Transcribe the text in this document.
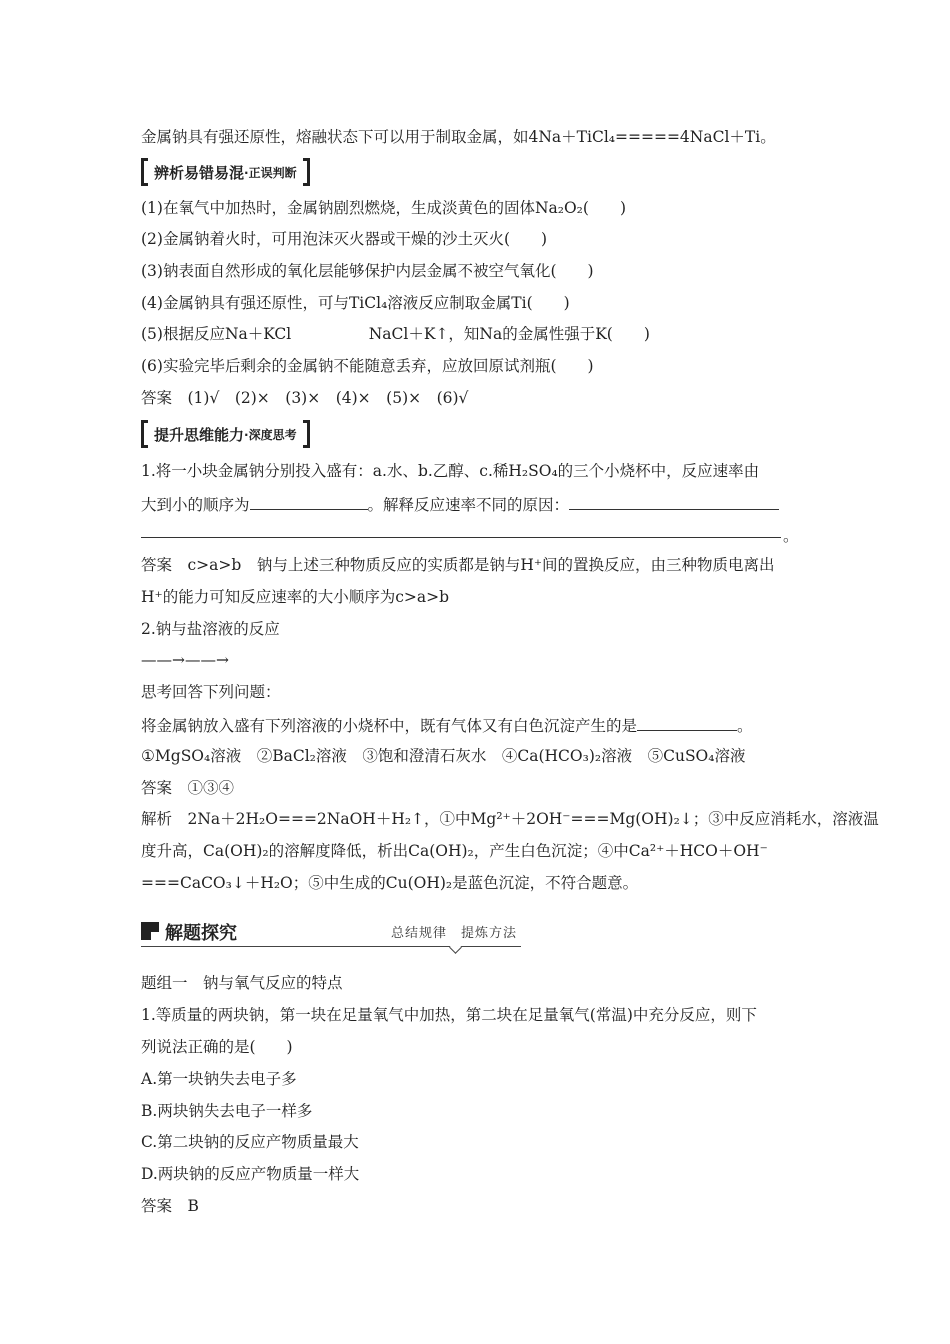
金属钠具有强还原性，熔融状态下可以用于制取金属，如4Na＋TiCl₄=====4NaCl＋Ti。
辨析易错易混 ·正误判断
(1)在氧气中加热时，金属钠剧烈燃烧，生成淡黄色的固体Na₂O₂(　　)
(2)金属钠着火时，可用泡沫灭火器或干燥的沙土灭火(　　)
(3)钠表面自然形成的氧化层能够保护内层金属不被空气氧化(　　)
(4)金属钠具有强还原性，可与TiCl₄溶液反应制取金属Ti(　　)
(5)根据反应Na＋KCl　　　　　NaCl＋K↑，知Na的金属性强于K(　　)
(6)实验完毕后剩余的金属钠不能随意丢弃，应放回原试剂瓶(　　)
答案　(1)√　(2)×　(3)×　(4)×　(5)×　(6)√
提升思维能力 ·深度思考
1.将一小块金属钠分别投入盛有：a.水、b.乙醇、c.稀H₂SO₄的三个小烧杯中，反应速率由
大到小的顺序为	。解释反应速率不同的原因：
。
答案　c>a>b　钠与上述三种物质反应的实质都是钠与H⁺间的置换反应，由三种物质电离出
H⁺的能力可知反应速率的大小顺序为c>a>b
2.钠与盐溶液的反应
——→——→
思考回答下列问题：
将金属钠放入盛有下列溶液的小烧杯中，既有气体又有白色沉淀产生的是	。
①MgSO₄溶液　②BaCl₂溶液　③饱和澄清石灰水　④Ca(HCO₃)₂溶液　⑤CuSO₄溶液
答案　①③④
解析　2Na＋2H₂O===2NaOH＋H₂↑，①中Mg²⁺＋2OH⁻===Mg(OH)₂↓；③中反应消耗水，溶液温
度升高，Ca(OH)₂的溶解度降低，析出Ca(OH)₂，产生白色沉淀；④中Ca²⁺＋HCO＋OH⁻
===CaCO₃↓＋H₂O；⑤中生成的Cu(OH)₂是蓝色沉淀，不符合题意。
解题探究	总结规律　提炼方法
题组一　钠与氧气反应的特点
1.等质量的两块钠，第一块在足量氧气中加热，第二块在足量氧气(常温)中充分反应，则下
列说法正确的是(　　)
A.第一块钠失去电子多
B.两块钠失去电子一样多
C.第二块钠的反应产物质量最大
D.两块钠的反应产物质量一样大
答案　B
